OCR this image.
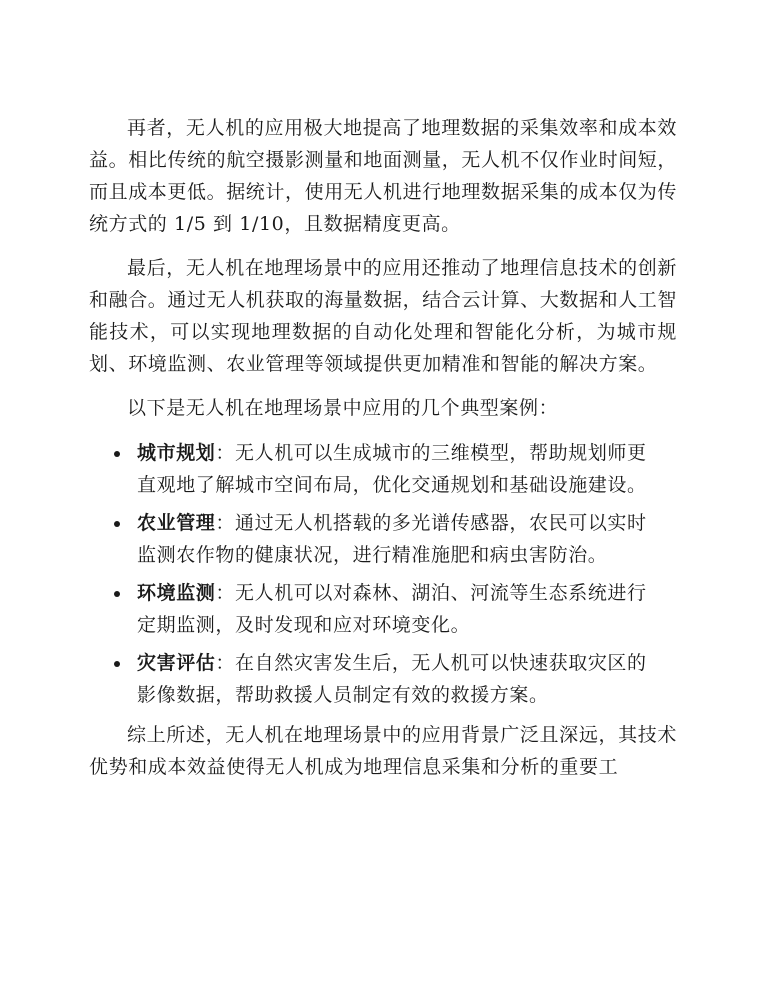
再者，无人机的应用极大地提高了地理数据的采集效率和成本效益。相比传统的航空摄影测量和地面测量，无人机不仅作业时间短，而且成本更低。据统计，使用无人机进行地理数据采集的成本仅为传统方式的 1/5 到 1/10，且数据精度更高。

最后，无人机在地理场景中的应用还推动了地理信息技术的创新和融合。通过无人机获取的海量数据，结合云计算、大数据和人工智能技术，可以实现地理数据的自动化处理和智能化分析，为城市规划、环境监测、农业管理等领域提供更加精准和智能的解决方案。

以下是无人机在地理场景中应用的几个典型案例：

城市规划：无人机可以生成城市的三维模型，帮助规划师更直观地了解城市空间布局，优化交通规划和基础设施建设。
农业管理：通过无人机搭载的多光谱传感器，农民可以实时监测农作物的健康状况，进行精准施肥和病虫害防治。
环境监测：无人机可以对森林、湖泊、河流等生态系统进行定期监测，及时发现和应对环境变化。
灾害评估：在自然灾害发生后，无人机可以快速获取灾区的影像数据，帮助救援人员制定有效的救援方案。

综上所述，无人机在地理场景中的应用背景广泛且深远，其技术优势和成本效益使得无人机成为地理信息采集和分析的重要工
